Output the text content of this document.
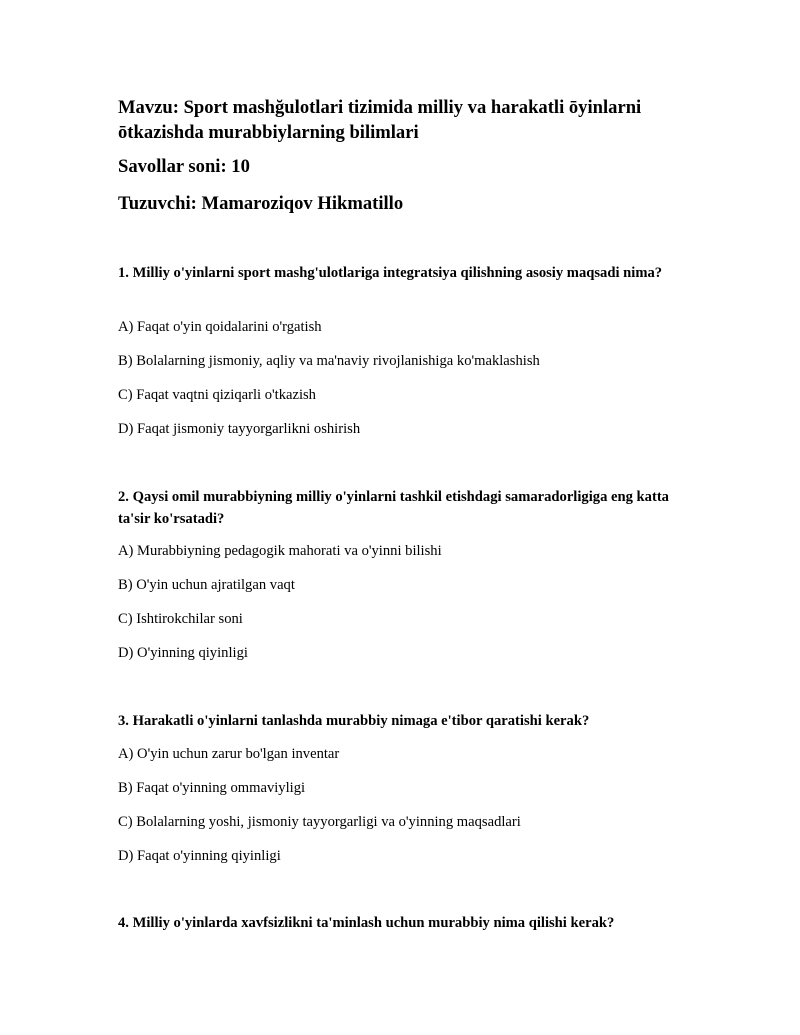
Mavzu: Sport mashğulotlari tizimida milliy va harakatli ōyinlarni ōtkazishda murabbiylarning bilimlari

Savollar soni: 10

Tuzuvchi: Mamaroziqov Hikmatillo

1. Milliy o'yinlarni sport mashg'ulotlariga integratsiya qilishning asosiy maqsadi nima?

A) Faqat o'yin qoidalarini o'rgatish

B) Bolalarning jismoniy, aqliy va ma'naviy rivojlanishiga ko'maklashish

C) Faqat vaqtni qiziqarli o'tkazish

D) Faqat jismoniy tayyorgarlikni oshirish

2. Qaysi omil murabbiyning milliy o'yinlarni tashkil etishdagi samaradorligiga eng katta ta'sir ko'rsatadi?

A) Murabbiyning pedagogik mahorati va o'yinni bilishi

B) O'yin uchun ajratilgan vaqt

C) Ishtirokchilar soni

D) O'yinning qiyinligi

3. Harakatli o'yinlarni tanlashda murabbiy nimaga e'tibor qaratishi kerak?

A) O'yin uchun zarur bo'lgan inventar

B) Faqat o'yinning ommaviyligi

C) Bolalarning yoshi, jismoniy tayyorgarligi va o'yinning maqsadlari

D) Faqat o'yinning qiyinligi

4. Milliy o'yinlarda xavfsizlikni ta'minlash uchun murabbiy nima qilishi kerak?
